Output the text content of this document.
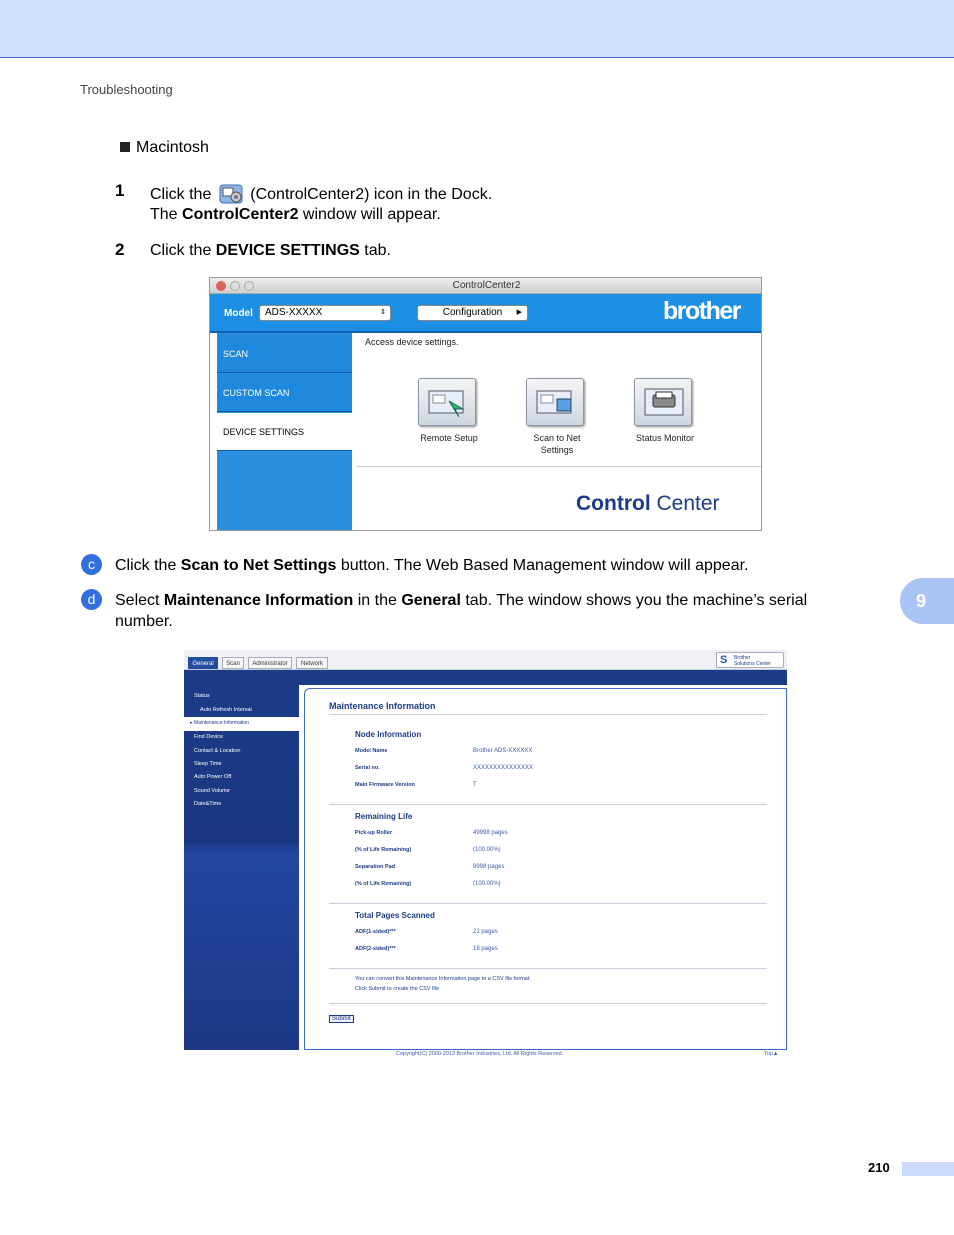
Troubleshooting
Macintosh
1 Click the  (ControlCenter2) icon in the Dock.
The ControlCenter2 window will appear.
2 Click the DEVICE SETTINGS tab.
ControlCenter2
Model	ADS-XXXXX	⇕	Configuration ▶	brother
SCAN
CUSTOM SCAN
DEVICE SETTINGS
Access device settings.
Remote Setup	Scan to Net
Settings
Status Monitor
Control Center
c	Click the Scan to Net Settings button. The Web Based Management window will appear.
d	Select Maintenance Information in the General tab. The window shows you the machine’s serial
number.
9
General	Scan	Administrator	Network	S Brother
Solutions Center
Status
Auto Refresh Interval
▸ Maintenance Information
Find Device
Contact & Location
Sleep Time
Auto Power Off
Sound Volume
Date&Time
Maintenance Information
Node Information
Model Name	Brother ADS-XXXXXX
Serial no.	XXXXXXXXXXXXXXX
Main Firmware Version	T
Remaining Life
Pick-up Roller	49998 pages
(% of Life Remaining)	(100.00%)
Separation Pad	9998 pages
(% of Life Remaining)	(100.00%)
Total Pages Scanned
ADF(1-sided)***	21 pages
ADF(2-sided)***	18 pages
You can convert this Maintenance Information page to a CSV file format.
Click Submit to create the CSV file
Submit
Copyright(C) 2000-2013 Brother Industries, Ltd. All Rights Reserved.	Top▲
210
